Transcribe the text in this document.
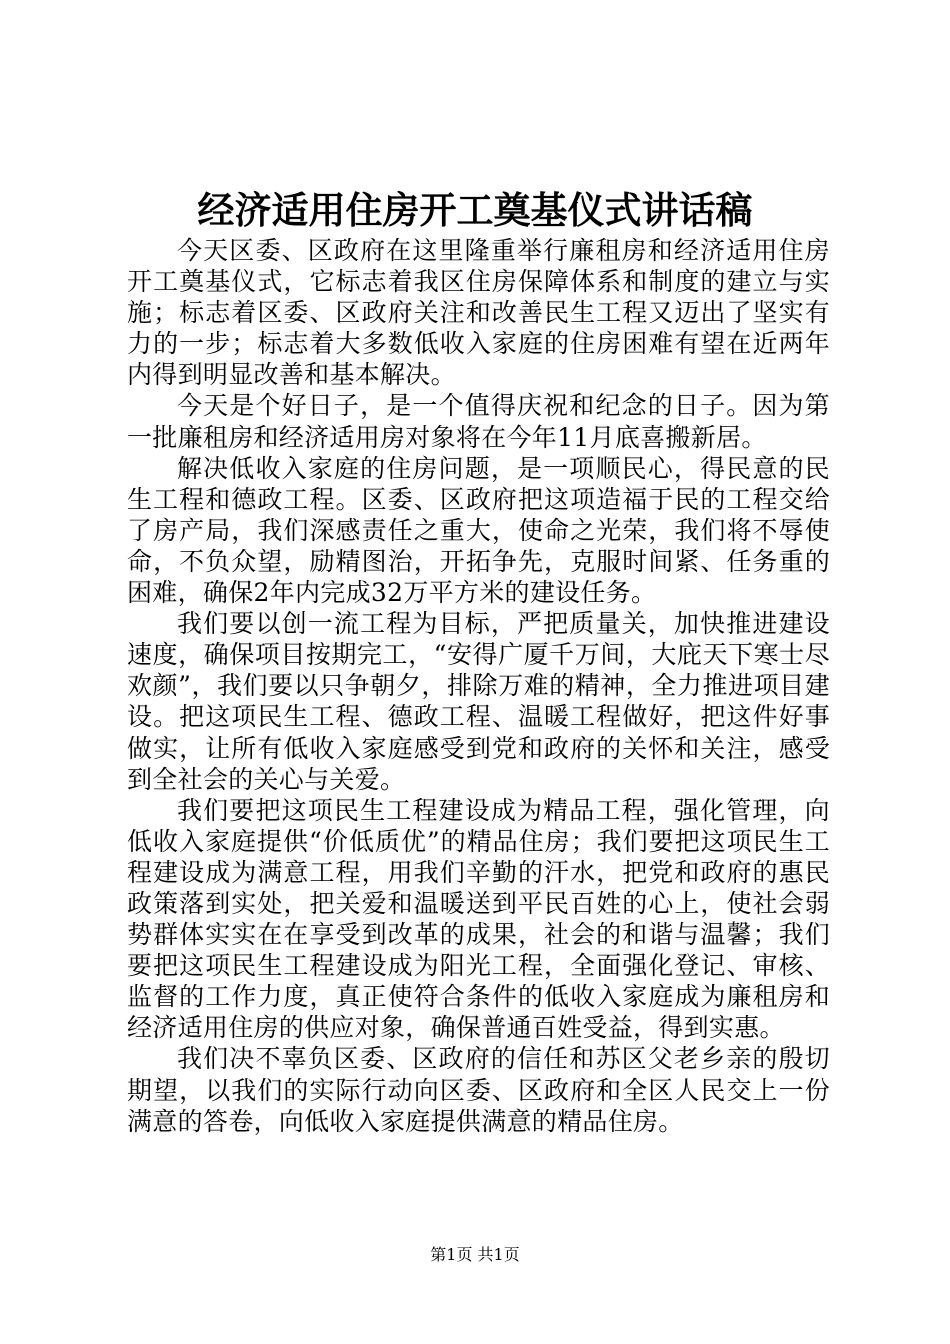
经济适用住房开工奠基仪式讲话稿

今天区委、区政府在这里隆重举行廉租房和经济适用住房开工奠基仪式，它标志着我区住房保障体系和制度的建立与实施；标志着区委、区政府关注和改善民生工程又迈出了坚实有力的一步；标志着大多数低收入家庭的住房困难有望在近两年内得到明显改善和基本解决。

今天是个好日子，是一个值得庆祝和纪念的日子。因为第一批廉租房和经济适用房对象将在今年11月底喜搬新居。

解决低收入家庭的住房问题，是一项顺民心，得民意的民生工程和德政工程。区委、区政府把这项造福于民的工程交给了房产局，我们深感责任之重大，使命之光荣，我们将不辱使命，不负众望，励精图治，开拓争先，克服时间紧、任务重的困难，确保2年内完成32万平方米的建设任务。

我们要以创一流工程为目标，严把质量关，加快推进建设速度，确保项目按期完工，“安得广厦千万间，大庇天下寒士尽欢颜”，我们要以只争朝夕，排除万难的精神，全力推进项目建设。把这项民生工程、德政工程、温暖工程做好，把这件好事做实，让所有低收入家庭感受到党和政府的关怀和关注，感受到全社会的关心与关爱。

我们要把这项民生工程建设成为精品工程，强化管理，向低收入家庭提供“价低质优”的精品住房；我们要把这项民生工程建设成为满意工程，用我们辛勤的汗水，把党和政府的惠民政策落到实处，把关爱和温暖送到平民百姓的心上，使社会弱势群体实实在在享受到改革的成果，社会的和谐与温馨；我们要把这项民生工程建设成为阳光工程，全面强化登记、审核、监督的工作力度，真正使符合条件的低收入家庭成为廉租房和经济适用住房的供应对象，确保普通百姓受益，得到实惠。

我们决不辜负区委、区政府的信任和苏区父老乡亲的殷切期望，以我们的实际行动向区委、区政府和全区人民交上一份满意的答卷，向低收入家庭提供满意的精品住房。

第1页 共1页
